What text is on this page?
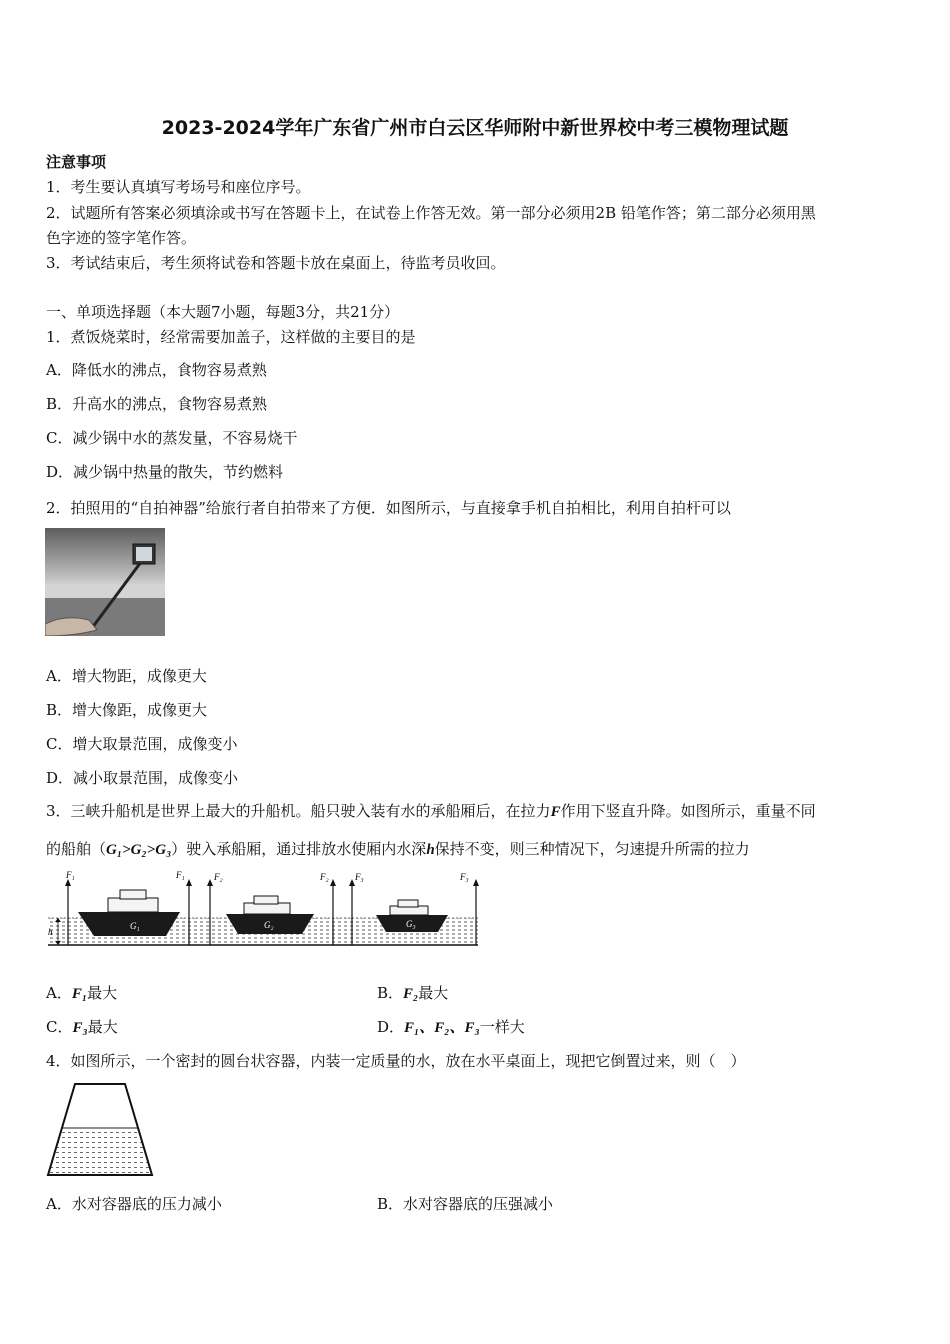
2023-2024学年广东省广州市白云区华师附中新世界校中考三模物理试题
注意事项
1．考生要认真填写考场号和座位序号。
2．试题所有答案必须填涂或书写在答题卡上，在试卷上作答无效。第一部分必须用2B 铅笔作答；第二部分必须用黑
色字迹的签字笔作答。
3．考试结束后，考生须将试卷和答题卡放在桌面上，待监考员收回。
一、单项选择题（本大题7小题，每题3分，共21分）
1．煮饭烧菜时，经常需要加盖子，这样做的主要目的是
A．降低水的沸点，食物容易煮熟
B．升高水的沸点，食物容易煮熟
C．减少锅中水的蒸发量，不容易烧干
D．减少锅中热量的散失，节约燃料
2．拍照用的“自拍神器”给旅行者自拍带来了方便．如图所示，与直接拿手机自拍相比，利用自拍杆可以
A．增大物距，成像更大
B．增大像距，成像更大
C．增大取景范围，成像变小
D．减小取景范围，成像变小
3．三峡升船机是世界上最大的升船机。船只驶入装有水的承船厢后，在拉力F作用下竖直升降。如图所示，重量不同
的船舶（G₁>G₂>G₃）驶入承船厢，通过排放水使厢内水深h保持不变，则三种情况下，匀速提升所需的拉力
F₁	F₁
G₁
F₂	F₂
G₂
F₃	F₃
G₃
h
A．F₁最大	B．F₂最大
C．F₃最大	D．F₁、F₂、F₃一样大
4．如图所示，一个密封的圆台状容器，内装一定质量的水，放在水平桌面上，现把它倒置过来，则（　）
A．水对容器底的压力减小	B．水对容器底的压强减小
